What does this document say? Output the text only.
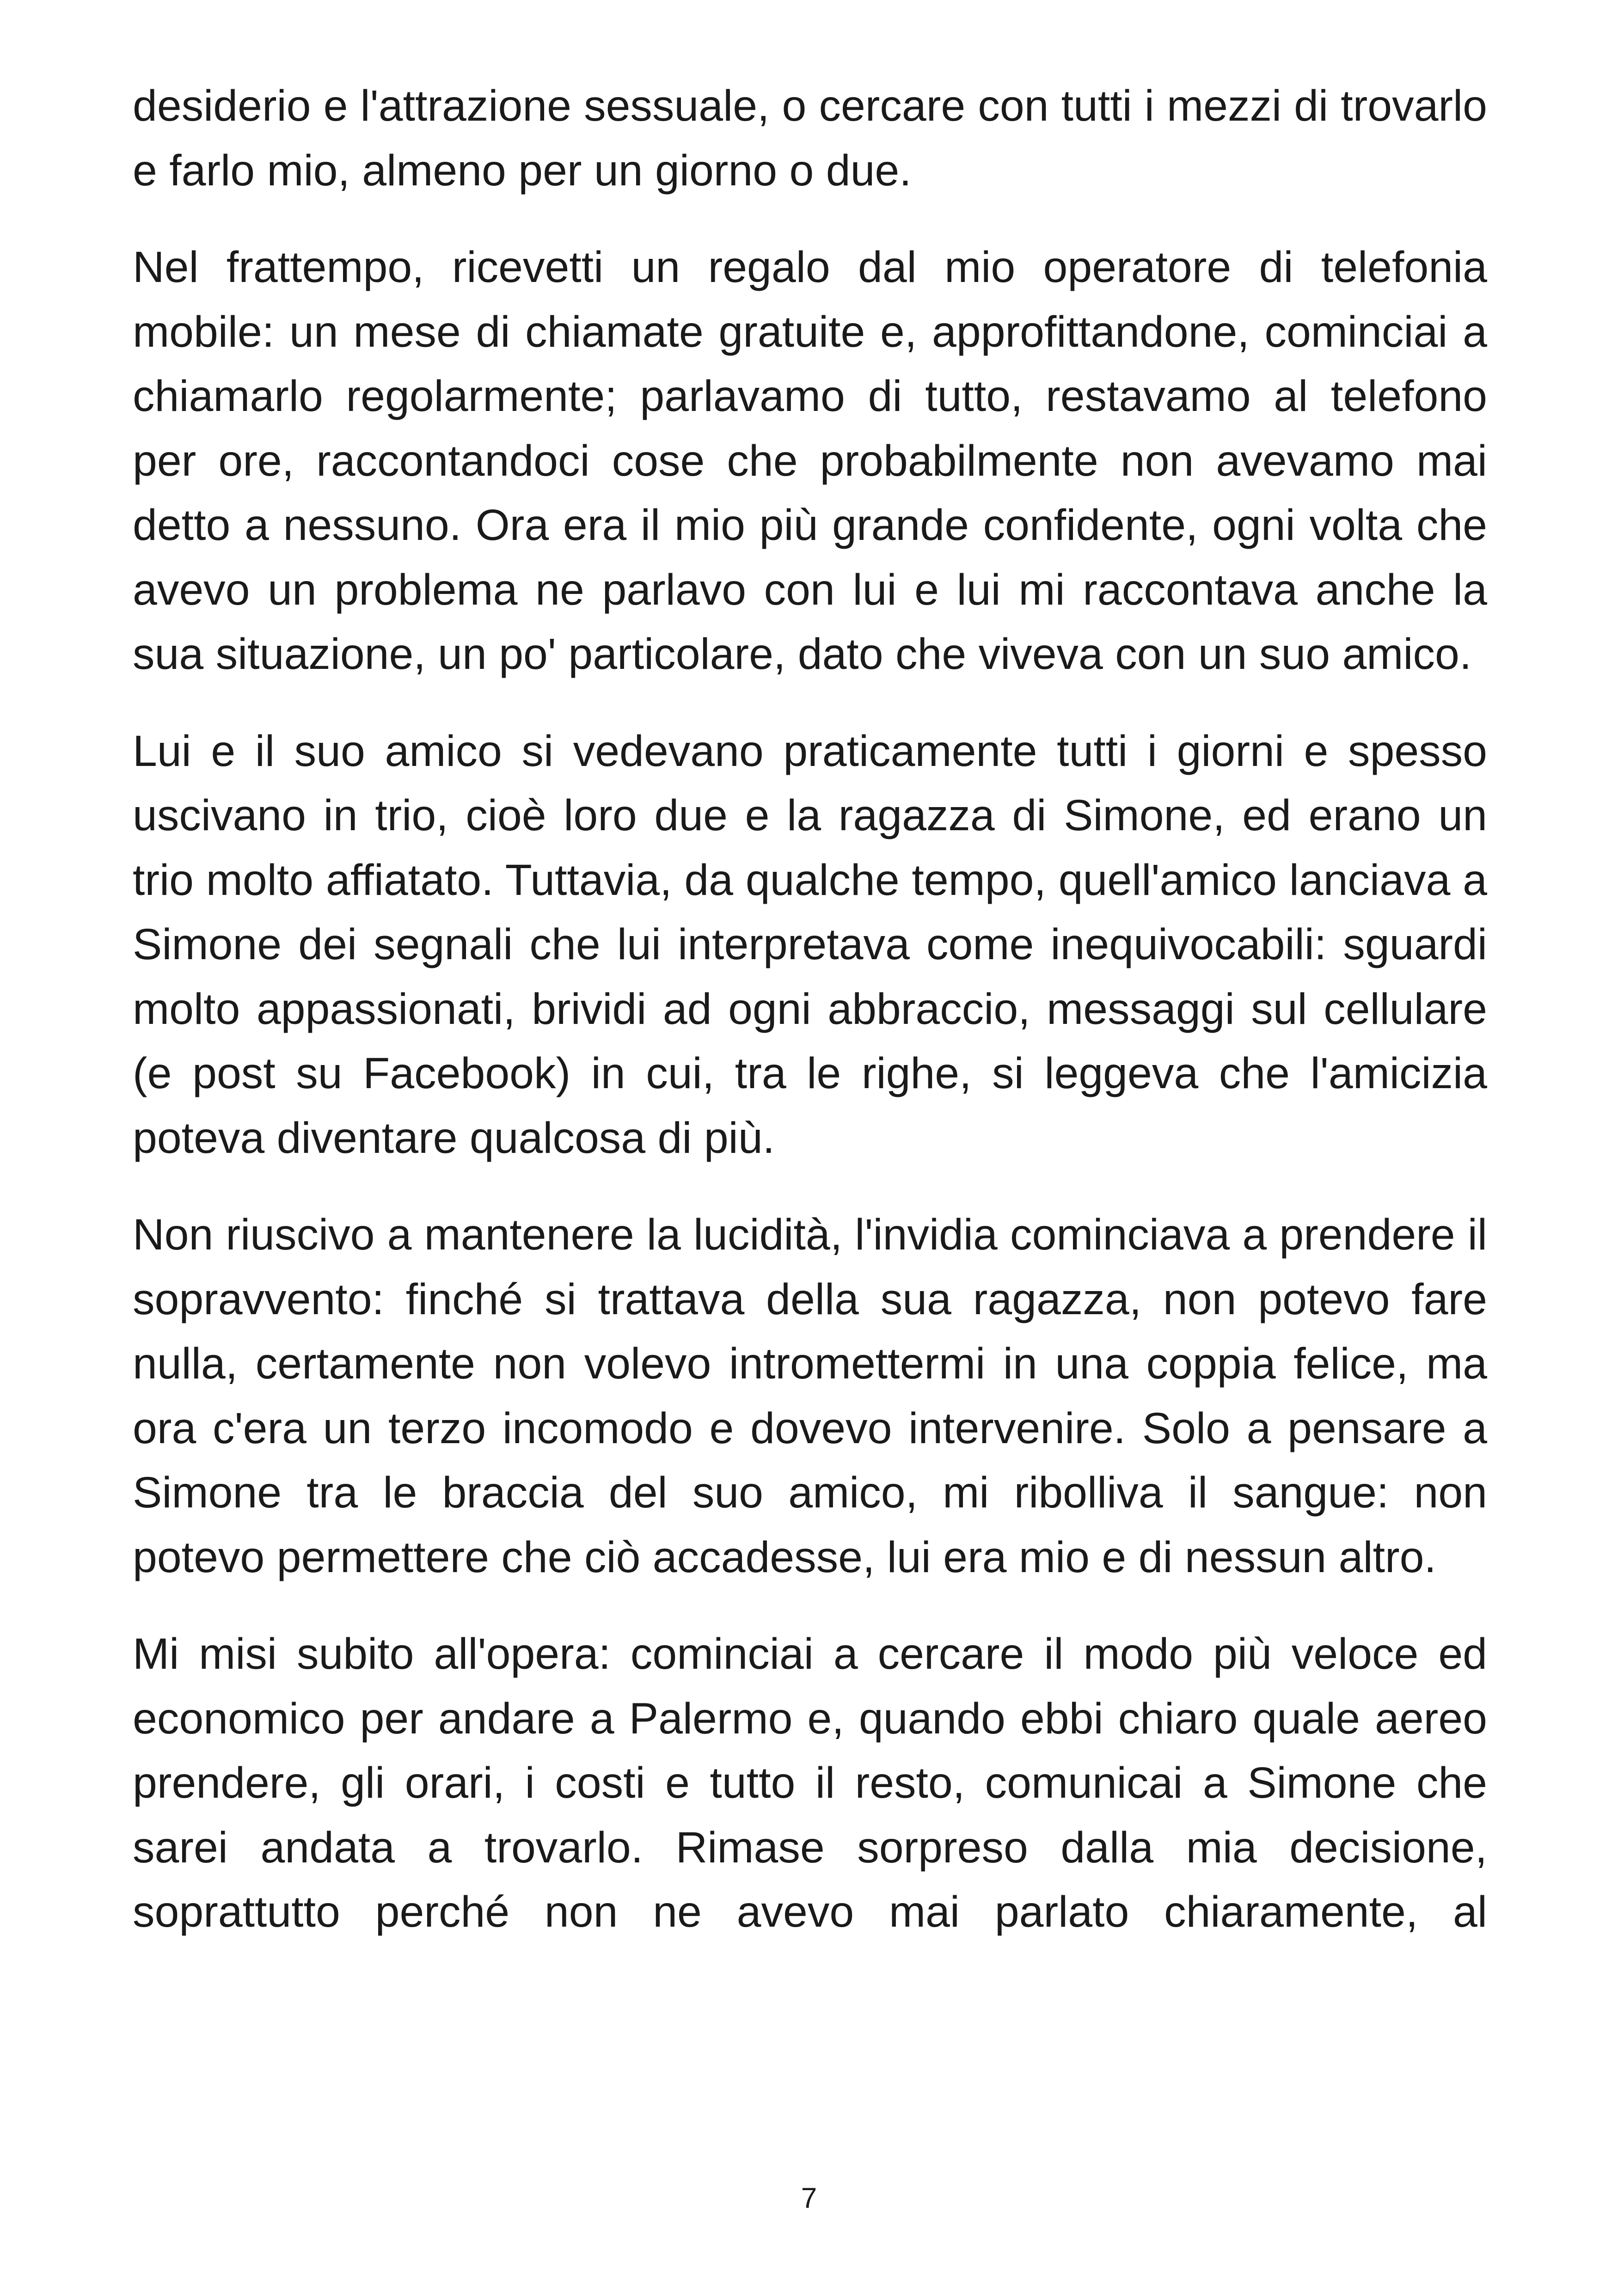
desiderio e l'attrazione sessuale, o cercare con tutti i mezzi di trovarlo e farlo mio, almeno per un giorno o due.

Nel frattempo, ricevetti un regalo dal mio operatore di telefonia mobile: un mese di chiamate gratuite e, approfittandone, cominciai a chiamarlo regolarmente; parlavamo di tutto, restavamo al telefono per ore, raccontandoci cose che probabilmente non avevamo mai detto a nessuno. Ora era il mio più grande confidente, ogni volta che avevo un problema ne parlavo con lui e lui mi raccontava anche la sua situazione, un po' particolare, dato che viveva con un suo amico.

Lui e il suo amico si vedevano praticamente tutti i giorni e spesso uscivano in trio, cioè loro due e la ragazza di Simone, ed erano un trio molto affiatato. Tuttavia, da qualche tempo, quell'amico lanciava a Simone dei segnali che lui interpretava come inequivocabili: sguardi molto appassionati, brividi ad ogni abbraccio, messaggi sul cellulare (e post su Facebook) in cui, tra le righe, si leggeva che l'amicizia poteva diventare qualcosa di più.

Non riuscivo a mantenere la lucidità, l'invidia cominciava a prendere il sopravvento: finché si trattava della sua ragazza, non potevo fare nulla, certamente non volevo intromettermi in una coppia felice, ma ora c'era un terzo incomodo e dovevo intervenire. Solo a pensare a Simone tra le braccia del suo amico, mi ribolliva il sangue: non potevo permettere che ciò accadesse, lui era mio e di nessun altro.

Mi misi subito all'opera: cominciai a cercare il modo più veloce ed economico per andare a Palermo e, quando ebbi chiaro quale aereo prendere, gli orari, i costi e tutto il resto, comunicai a Simone che sarei andata a trovarlo. Rimase sorpreso dalla mia decisione, soprattutto perché non ne avevo mai parlato chiaramente, al

7
